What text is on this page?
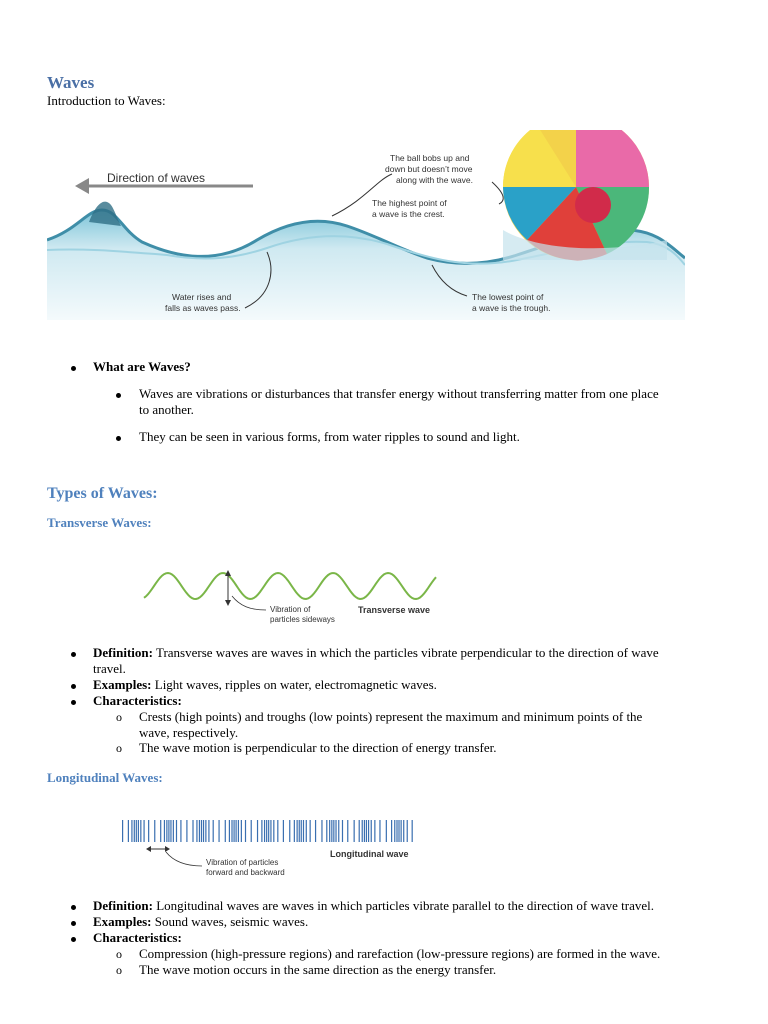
Waves
Introduction to Waves:
Direction of waves
The ball bobs up and down but doesn’t move along with the wave.
The highest point of a wave is the crest.
Water rises and falls as waves pass.
The lowest point of a wave is the trough.
What are Waves?
Waves are vibrations or disturbances that transfer energy without transferring matter from one place
to another.
They can be seen in various forms, from water ripples to sound and light.
Types of Waves:
Transverse Waves:
Vibration of particles sideways
Transverse wave
Definition: Transverse waves are waves in which the particles vibrate perpendicular to the direction of wave
travel.
Examples: Light waves, ripples on water, electromagnetic waves.
Characteristics:
o Crests (high points) and troughs (low points) represent the maximum and minimum points of the
wave, respectively.
o The wave motion is perpendicular to the direction of energy transfer.
Longitudinal Waves:
Vibration of particles forward and backward
Longitudinal wave
Definition: Longitudinal waves are waves in which particles vibrate parallel to the direction of wave travel.
Examples: Sound waves, seismic waves.
Characteristics:
o Compression (high-pressure regions) and rarefaction (low-pressure regions) are formed in the wave.
o The wave motion occurs in the same direction as the energy transfer.
